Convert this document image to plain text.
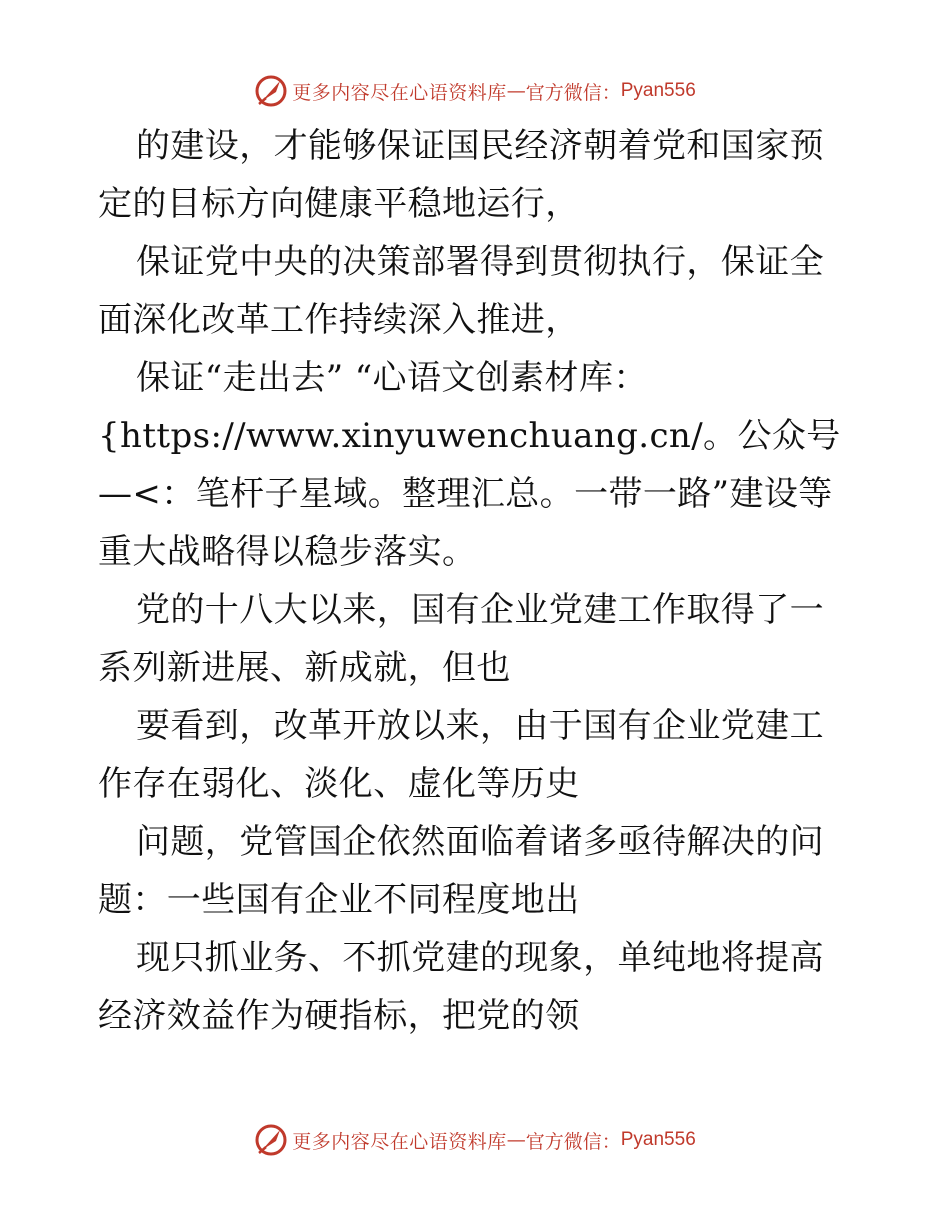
更多内容尽在心语资料库 — 官方微信： Pyan556

的建设，才能够保证国民经济朝着党和国家预定的目标方向健康平稳地运行，

保证党中央的决策部署得到贯彻执行，保证全面深化改革工作持续深入推进，

保证“走出去” “心语文创素材库：{https://www.xinyuwenchuang.cn/。公众号—<：笔杆子星域。整理汇总。一带一路”建设等重大战略得以稳步落实。

党的十八大以来，国有企业党建工作取得了一系列新进展、新成就，但也

要看到，改革开放以来，由于国有企业党建工作存在弱化、淡化、虚化等历史

问题，党管国企依然面临着诸多亟待解决的问题：一些国有企业不同程度地出

现只抓业务、不抓党建的现象，单纯地将提高经济效益作为硬指标，把党的领

更多内容尽在心语资料库 — 官方微信： Pyan556
